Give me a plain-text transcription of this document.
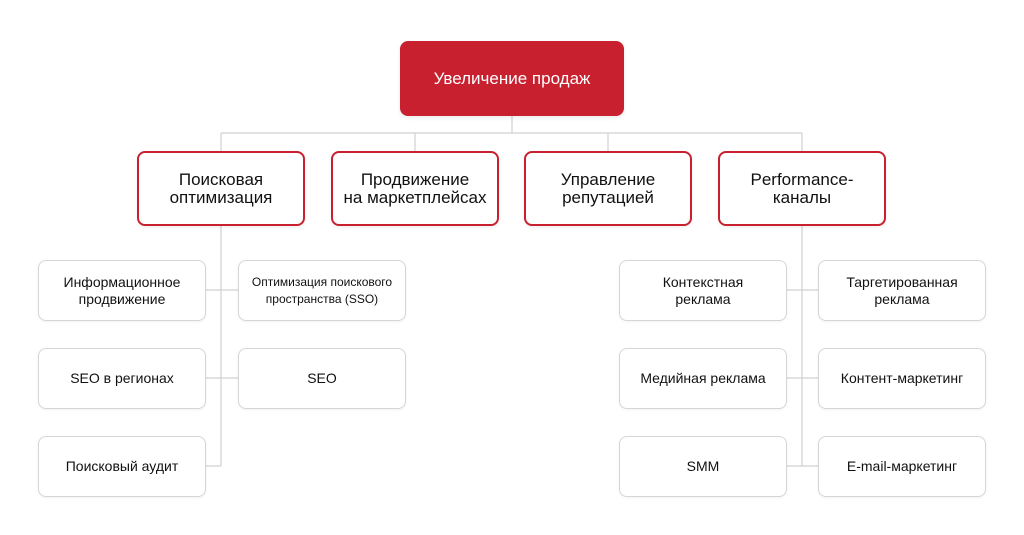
Увеличение продаж
Поисковая
оптимизация
Продвижение
на маркетплейсах
Управление
репутацией
Performance-
каналы
Информационное
продвижение
Оптимизация поискового
пространства (SSO)
SEO в регионах	SEO
Поисковый аудит
Контекстная
реклама
Таргетированная
реклама
Медийная реклама	Контент-маркетинг
SMM	E-mail-маркетинг
